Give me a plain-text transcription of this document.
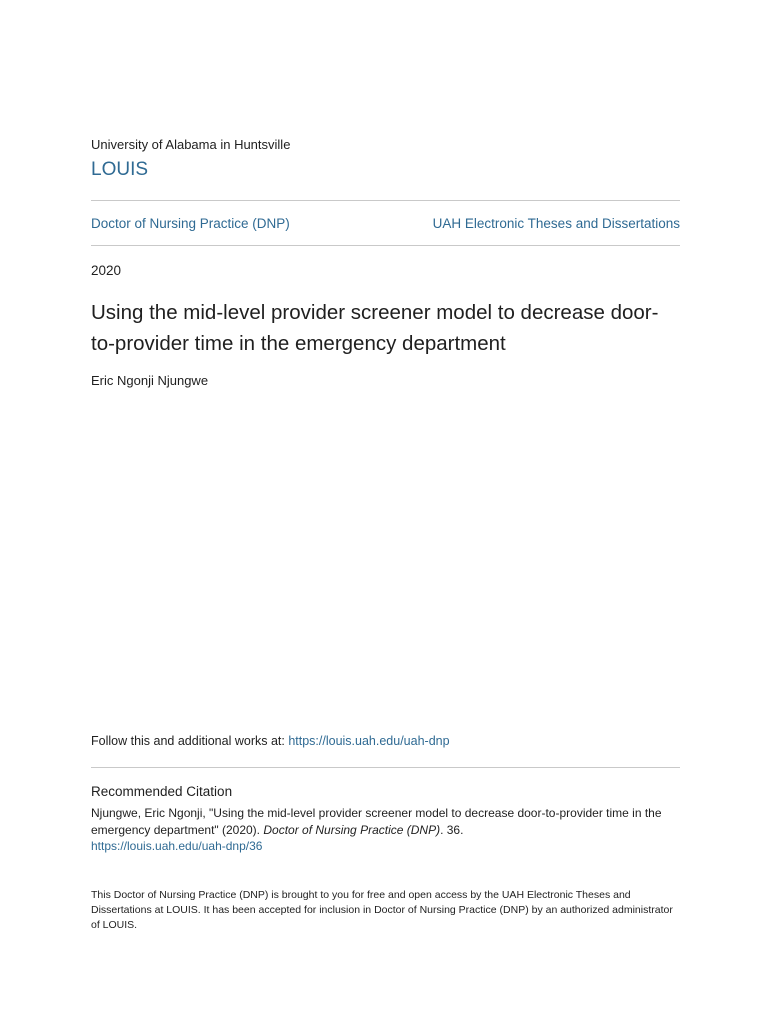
University of Alabama in Huntsville
LOUIS
Doctor of Nursing Practice (DNP)	UAH Electronic Theses and Dissertations
2020
Using the mid-level provider screener model to decrease door-to-provider time in the emergency department
Eric Ngonji Njungwe
Follow this and additional works at: https://louis.uah.edu/uah-dnp
Recommended Citation
Njungwe, Eric Ngonji, "Using the mid-level provider screener model to decrease door-to-provider time in the emergency department" (2020). Doctor of Nursing Practice (DNP). 36.
https://louis.uah.edu/uah-dnp/36
This Doctor of Nursing Practice (DNP) is brought to you for free and open access by the UAH Electronic Theses and Dissertations at LOUIS. It has been accepted for inclusion in Doctor of Nursing Practice (DNP) by an authorized administrator of LOUIS.
